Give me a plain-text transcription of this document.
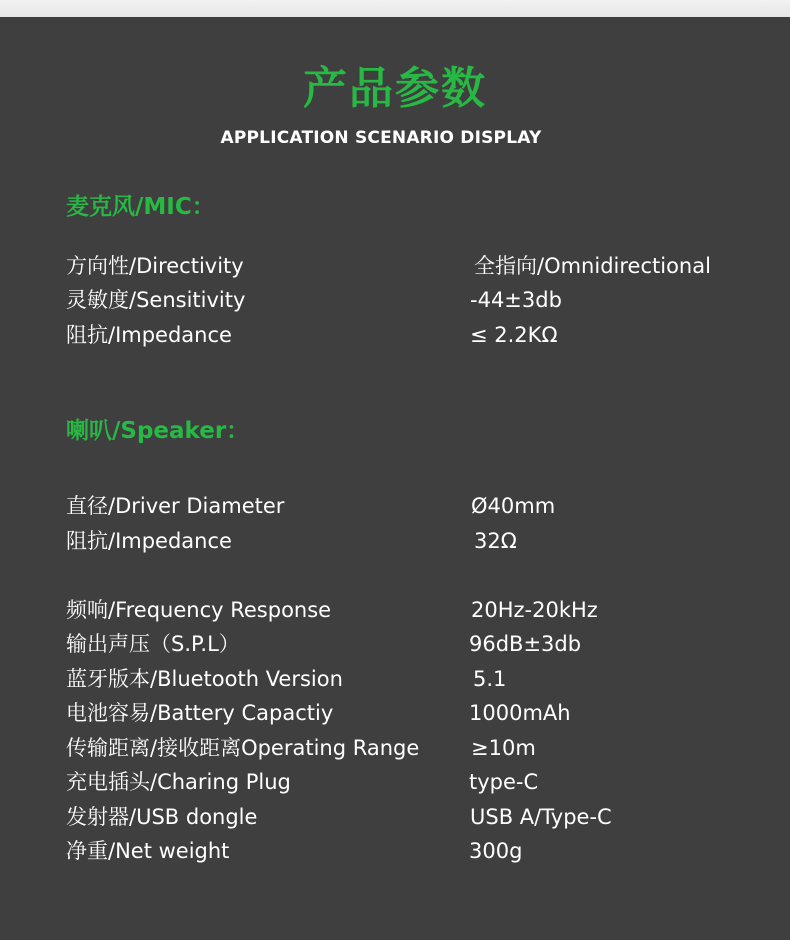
产品参数
APPLICATION SCENARIO DISPLAY
麦克风/MIC：
方向性/Directivity	全指向/Omnidirectional
灵敏度/Sensitivity	-44±3db
阻抗/Impedance	≤ 2.2KΩ
喇叭/Speaker：
直径/Driver Diameter	Ø40mm
阻抗/Impedance	32Ω
频响/Frequency Response	20Hz-20kHz
输出声压（S.P.L）	96dB±3db
蓝牙版本/Bluetooth Version	5.1
电池容易/Battery Capactiy	1000mAh
传输距离/接收距离Operating Range ≥10m
充电插头/Charing Plug	type-C
发射器/USB dongle	USB A/Type-C
净重/Net weight	300g
